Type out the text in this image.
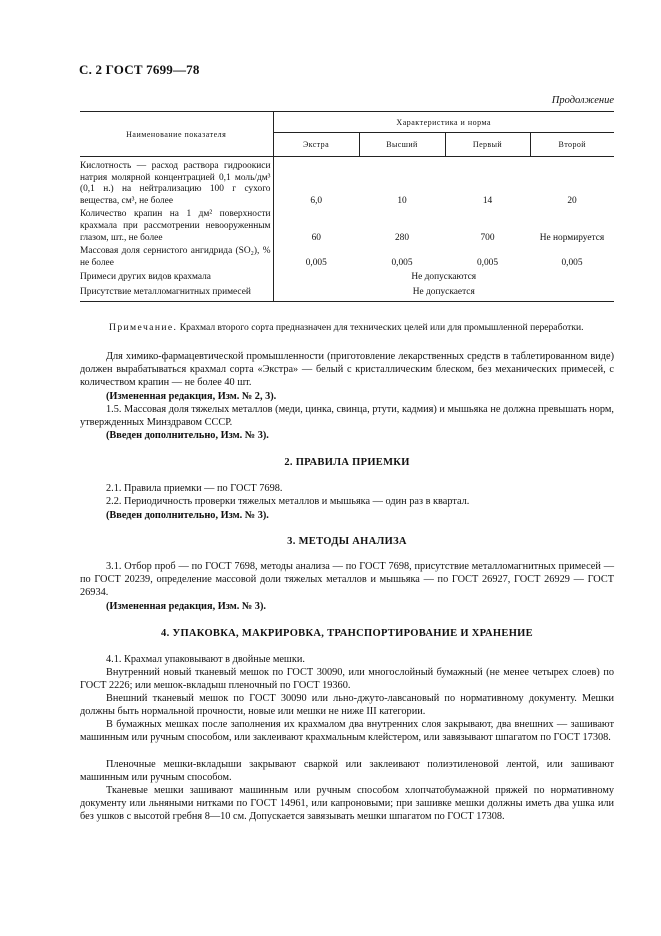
С. 2 ГОСТ 7699—78
Продолжение
Наименование показателя	Характеристика и норма			
	Экстра	Высший	Первый	Второй
Кислотность — расход раствора гидроокиси натрия молярной концентрацией 0,1 моль/дм³ (0,1 н.) на нейтрализацию 100 г сухого вещества, см³, не более	6,0	10	14	20
Количество крапин на 1 дм² поверхности крахмала при рассмотрении невооруженным глазом, шт., не более	60	280	700	Не нормируется
Массовая доля сернистого ангидрида (SO₂), % не более	0,005	0,005	0,005	0,005
Примеси других видов крахмала	Не допускаются			
Присутствие металломагнитных примесей	Не допускается			
Примечание. Крахмал второго сорта предназначен для технических целей или для промышленной переработки.
Для химико-фармацевтической промышленности (приготовление лекарственных средств в таблетированном виде) должен вырабатываться крахмал сорта «Экстра» — белый с кристаллическим блеском, без механических примесей, с количеством крапин — не более 40 шт.
(Измененная редакция, Изм. № 2, 3).
1.5. Массовая доля тяжелых металлов (меди, цинка, свинца, ртути, кадмия) и мышьяка не должна превышать норм, утвержденных Минздравом СССР.
(Введен дополнительно, Изм. № 3).
2. ПРАВИЛА ПРИЕМКИ
2.1. Правила приемки — по ГОСТ 7698.
2.2. Периодичность проверки тяжелых металлов и мышьяка — один раз в квартал.
(Введен дополнительно, Изм. № 3).
3. МЕТОДЫ АНАЛИЗА
3.1. Отбор проб — по ГОСТ 7698, методы анализа — по ГОСТ 7698, присутствие металломагнитных примесей — по ГОСТ 20239, определение массовой доли тяжелых металлов и мышьяка — по ГОСТ 26927, ГОСТ 26929 — ГОСТ 26934.
(Измененная редакция, Изм. № 3).
4. УПАКОВКА, МАКРИРОВКА, ТРАНСПОРТИРОВАНИЕ И ХРАНЕНИЕ
4.1. Крахмал упаковывают в двойные мешки.
Внутренний новый тканевый мешок по ГОСТ 30090, или многослойный бумажный (не менее четырех слоев) по ГОСТ 2226; или мешок-вкладыш пленочный по ГОСТ 19360.
Внешний тканевый мешок по ГОСТ 30090 или льно-джуто-лавсановый по нормативному документу. Мешки должны быть нормальной прочности, новые или мешки не ниже III категории.
В бумажных мешках после заполнения их крахмалом два внутренних слоя закрывают, два внешних — зашивают машинным или ручным способом, или заклеивают крахмальным клейстером, или завязывают шпагатом по ГОСТ 17308.
Пленочные мешки-вкладыши закрывают сваркой или заклеивают полиэтиленовой лентой, или зашивают машинным или ручным способом.
Тканевые мешки зашивают машинным или ручным способом хлопчатобумажной пряжей по нормативному документу или льняными нитками по ГОСТ 14961, или капроновыми; при зашивке мешки должны иметь два ушка или без ушков с высотой гребня 8—10 см. Допускается завязывать мешки шпагатом по ГОСТ 17308.
